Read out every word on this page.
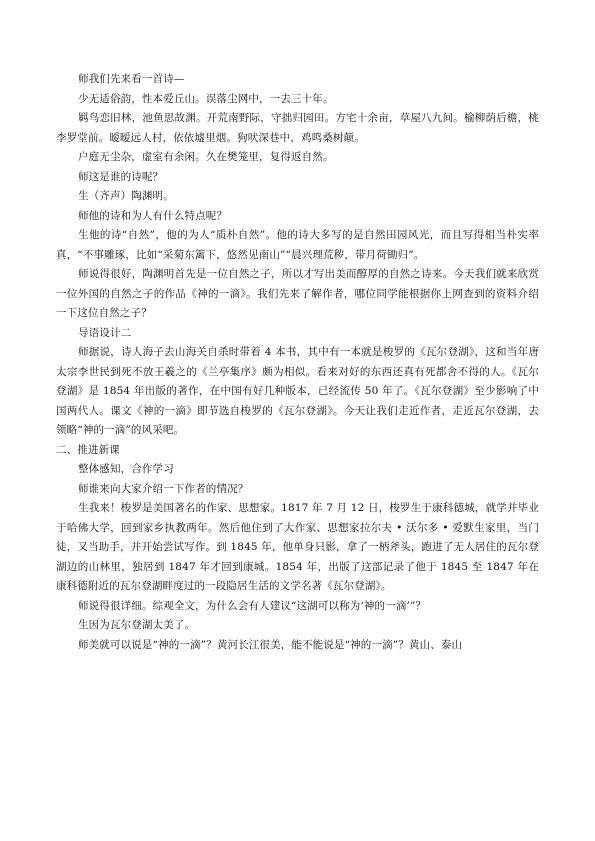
师我们先来看一首诗—

少无适俗韵，性本爱丘山。误落尘网中，一去三十年。

羁鸟恋旧林，池鱼思故渊。开荒南野际，守拙归园田。方宅十余亩，草屋八九间。榆柳荫后檐，桃李罗堂前。暧暧远人村，依依墟里烟。狗吠深巷中，鸡鸣桑树颠。

户庭无尘杂，虚室有余闲。久在樊笼里，复得返自然。

师这是谁的诗呢？

生（齐声）陶渊明。

师他的诗和为人有什么特点呢？

生他的诗“自然”，他的为人“质朴自然”。他的诗大多写的是自然田园风光，而且写得相当朴实率真，“不事雕琢，比如“采菊东篱下，悠然见南山”“晨兴理荒秽，带月荷锄归”。

师说得很好，陶渊明首先是一位自然之子，所以才写出美而醇厚的自然之诗来。今天我们就来欣赏一位外国的自然之子的作品《神的一滴》。我们先来了解作者，哪位同学能根据你上网查到的资料介绍一下这位自然之子？

导语设计二

师据说，诗人海子去山海关自杀时带着 4 本书，其中有一本就是梭罗的《瓦尔登湖》，这和当年唐太宗李世民到死不放王羲之的《兰亭集序》颇为相似。看来对好的东西还真有死都舍不得的人。《瓦尔登湖》是 1854 年出版的著作，在中国有好几种版本，已经流传 50 年了。《瓦尔登湖》至少影响了中国两代人。课文《神的一滴》即节选自梭罗的《瓦尔登湖》。今天让我们走近作者，走近瓦尔登湖，去领略“神的一滴”的风采吧。

二、推进新课

整体感知，合作学习

师谁来向大家介绍一下作者的情况？

生我来！梭罗是美国著名的作家、思想家。1817 年 7 月 12 日，梭罗生于康科德城，就学并毕业于哈佛大学，回到家乡执教两年。然后他住到了大作家、思想家拉尔夫 • 沃尔多 • 爱默生家里，当门徒，又当助手，并开始尝试写作。到 1845 年，他单身只影，拿了一柄斧头，跑进了无人居住的瓦尔登湖边的山林里，独居到 1847 年才回到康城。1854 年，出版了这部记录了他于 1845 至 1847 年在康科德附近的瓦尔登湖畔度过的一段隐居生活的文学名著《瓦尔登湖》。

师说得很详细。综观全文，为什么会有人建议“这湖可以称为‘神的一滴’”？

生因为瓦尔登湖太美了。

师美就可以说是“神的一滴”？黄河长江很美，能不能说是“神的一滴”？黄山、泰山
